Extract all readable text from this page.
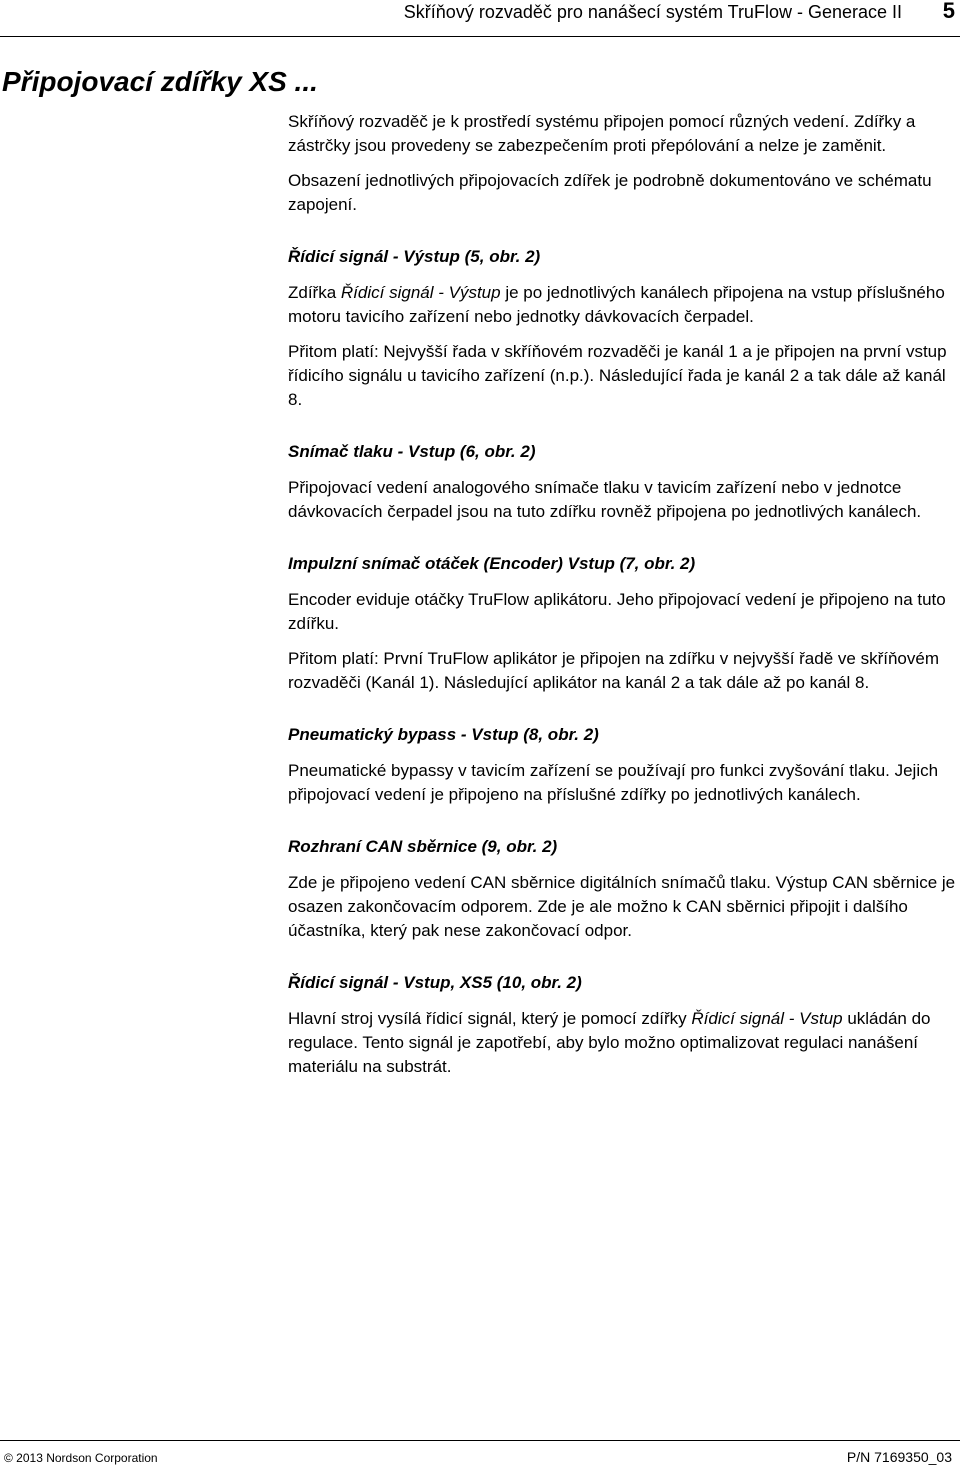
Skříňový rozvaděč pro nanášecí systém TruFlow - Generace II 5
Připojovací zdířky XS ...

Skříňový rozvaděč je k prostředí systému připojen pomocí různých vedení. Zdířky a zástrčky jsou provedeny se zabezpečením proti přepólování a nelze je zaměnit.

Obsazení jednotlivých připojovacích zdířek je podrobně dokumentováno ve schématu zapojení.

Řídicí signál - Výstup (5, obr. 2)

Zdířka Řídicí signál - Výstup je po jednotlivých kanálech připojena na vstup příslušného motoru tavicího zařízení nebo jednotky dávkovacích čerpadel.

Přitom platí: Nejvyšší řada v skříňovém rozvaděči je kanál 1 a je připojen na první vstup řídicího signálu u tavicího zařízení (n.p.). Následující řada je kanál 2 a tak dále až kanál 8.

Snímač tlaku - Vstup (6, obr. 2)

Připojovací vedení analogového snímače tlaku v tavicím zařízení nebo v jednotce dávkovacích čerpadel jsou na tuto zdířku rovněž připojena po jednotlivých kanálech.

Impulzní snímač otáček (Encoder) Vstup (7, obr. 2)

Encoder eviduje otáčky TruFlow aplikátoru. Jeho připojovací vedení je připojeno na tuto zdířku.

Přitom platí: První TruFlow aplikátor je připojen na zdířku v nejvyšší řadě ve skříňovém rozvaděči (Kanál 1). Následující aplikátor na kanál 2 a tak dále až po kanál 8.

Pneumatický bypass - Vstup (8, obr. 2)

Pneumatické bypassy v tavicím zařízení se používají pro funkci zvyšování tlaku. Jejich připojovací vedení je připojeno na příslušné zdířky po jednotlivých kanálech.

Rozhraní CAN sběrnice (9, obr. 2)

Zde je připojeno vedení CAN sběrnice digitálních snímačů tlaku. Výstup CAN sběrnice je osazen zakončovacím odporem. Zde je ale možno k CAN sběrnici připojit i dalšího účastníka, který pak nese zakončovací odpor.

Řídicí signál - Vstup, XS5 (10, obr. 2)

Hlavní stroj vysílá řídicí signál, který je pomocí zdířky Řídicí signál - Vstup ukládán do regulace. Tento signál je zapotřebí, aby bylo možno optimalizovat regulaci nanášení materiálu na substrát.

© 2013 Nordson Corporation	P/N 7169350_03
